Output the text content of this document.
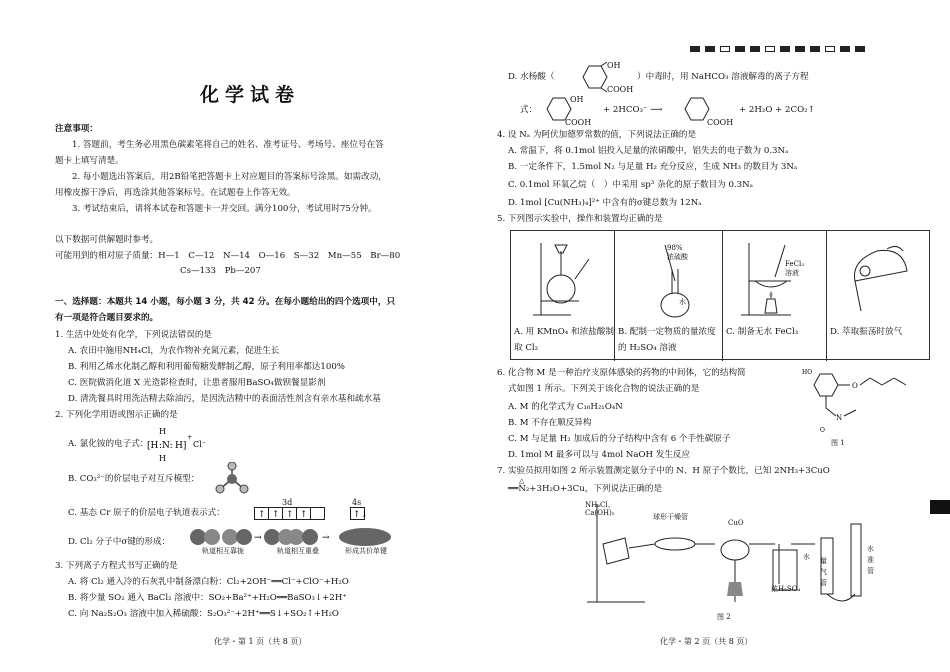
化学试卷
注意事项：
1. 答题前，考生务必用黑色碳素笔将自己的姓名、准考证号、考场号、座位号在答
题卡上填写清楚。
2. 每小题选出答案后，用2B铅笔把答题卡上对应题目的答案标号涂黑。如需改动，
用橡皮擦干净后，再选涂其他答案标号。在试题卷上作答无效。
3. 考试结束后，请将本试卷和答题卡一并交回。满分100分，考试用时75分钟。
以下数据可供解题时参考。
可能用到的相对原子质量：H—1　C—12　N—14　O—16　S—32　Mn—55　Br—80
Cs—133　Pb—207
一、选择题：本题共 14 小题，每小题 3 分，共 42 分。在每小题给出的四个选项中，只
有一项是符合题目要求的。
1. 生活中处处有化学，下列说法错误的是
A. 农田中施用NH₄Cl，为农作物补充氮元素，促进生长
B. 利用乙烯水化制乙醇和利用葡萄糖发酵制乙醇，原子利用率都达100%
C. 医院做消化道 X 光造影检查时，让患者服用BaSO₄做钡餐显影剂
D. 清洗餐具时用洗洁精去除油污，是因洗洁精中的表面活性剂含有亲水基和疏水基
2. 下列化学用语或图示正确的是
A. 氯化铵的电子式：
H
[H :N: H]
H
Cl⁻
+
B. CO₃²⁻的价层电子对互斥模型：
C. 基态 Cr 原子的价层电子轨道表示式：
3d	4s
↑ ↑ ↑ ↑	↑↓
D. Cl₂ 分子中σ键的形成：	→	→
轨道相互靠拢	轨道相互重叠	形成共价单键
3. 下列离子方程式书写正确的是
A. 将 Cl₂ 通入冷的石灰乳中制备漂白粉：Cl₂+2OH⁻══Cl⁻+ClO⁻+H₂O
B. 将少量 SO₂ 通入 BaCl₂ 溶液中：SO₂+Ba²⁺+H₂O══BaSO₃↓+2H⁺
C. 向 Na₂S₂O₃ 溶液中加入稀硫酸：S₂O₃²⁻+2H⁺══S↓+SO₂↑+H₂O
化学・第 1 页（共 8 页）
D. 水杨酸（
OH
COOH
）中毒时，用 NaHCO₃ 溶液解毒的离子方程
式：
OH
COOH
+ 2HCO₃⁻ ⟶
COOH
+ 2H₂O + 2CO₂↑
4. 设 Nₐ 为阿伏加德罗常数的值，下列说法正确的是
A. 常温下，将 0.1mol 铝投入足量的浓硝酸中，铝失去的电子数为 0.3Nₐ
B. 一定条件下，1.5mol N₂ 与足量 H₂ 充分反应，生成 NH₃ 的数目为 3Nₐ
C. 0.1mol 环氧乙烷（　）中采用 sp³ 杂化的原子数目为 0.3Nₐ
D. 1mol [Cu(NH₃)₄]²⁺ 中含有的σ键总数为 12Nₐ
5. 下列图示实验中，操作和装置均正确的是
A. 用 KMnO₄ 和浓盐酸制取 Cl₂
98%
浓硫酸
水
B. 配制一定物质的量浓度的 H₂SO₄ 溶液
FeCl₃
溶液
C. 制备无水 FeCl₃	D. 萃取振荡时放气
6. 化合物 M 是一种治疗支原体感染的药物的中间体，它的结构简
式如图 1 所示。下列关于该化合物的说法正确的是
A. M 的化学式为 C₁₆H₂₁O₄N
B. M 不存在顺反异构
C. M 与足量 H₂ 加成后的分子结构中含有 6 个手性碳原子
D. 1mol M 最多可以与 4mol NaOH 发生反应
O
N
O
HO
图 1
7. 实验员拟用如图 2 所示装置测定氨分子中的 N、H 原子个数比，已知 2NH₃+3CuO
△
══N₂+3H₂O+3Cu，下列说法正确的是
NH₄Cl、
Ca(OH)₂	球形干燥管
CuO
浓H₂SO₄
量气管
水准管
水
图 2
化学・第 2 页（共 8 页）
